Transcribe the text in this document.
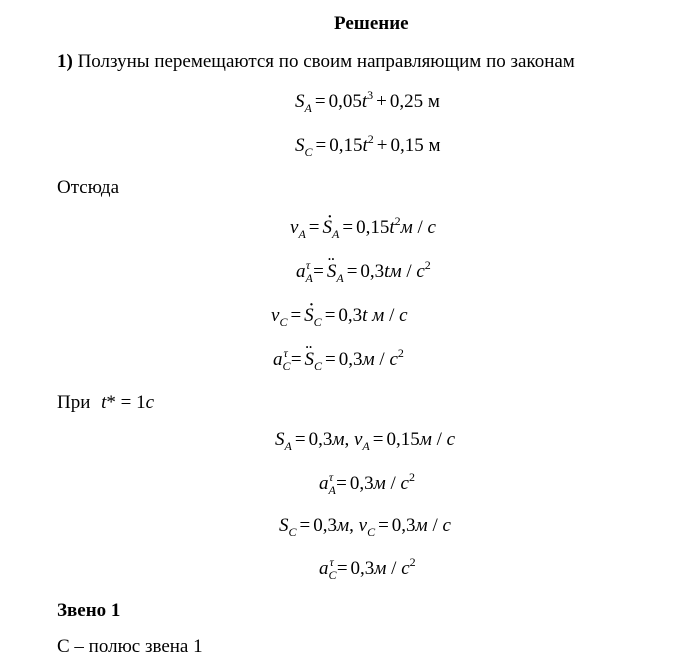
Решение
1) Ползуны перемещаются по своим направляющим по законам
$S_A = 0,05t^3 + 0,25$ м
$S_C = 0,15t^2 + 0,15$ м
Отсюда
$v_A$ = · $S_A = 0,15t^2м / c$
$a_A^\tau$ = ¨ $S_A = 0,3tм / c^2$
$v_C$ = · $S_C = 0,3t$ м / c
$a_C^\tau$ = ¨ $S_C = 0,3м / c^2$
При t* = 1c
$S_A = 0,3м$, $v_A = 0,15м / c$
$a_A^\tau = 0,3м / c^2$
$S_C = 0,3м$, $v_C = 0,3м / c$
$a_C^\tau = 0,3м / c^2$
Звено 1
С – полюс звена 1
